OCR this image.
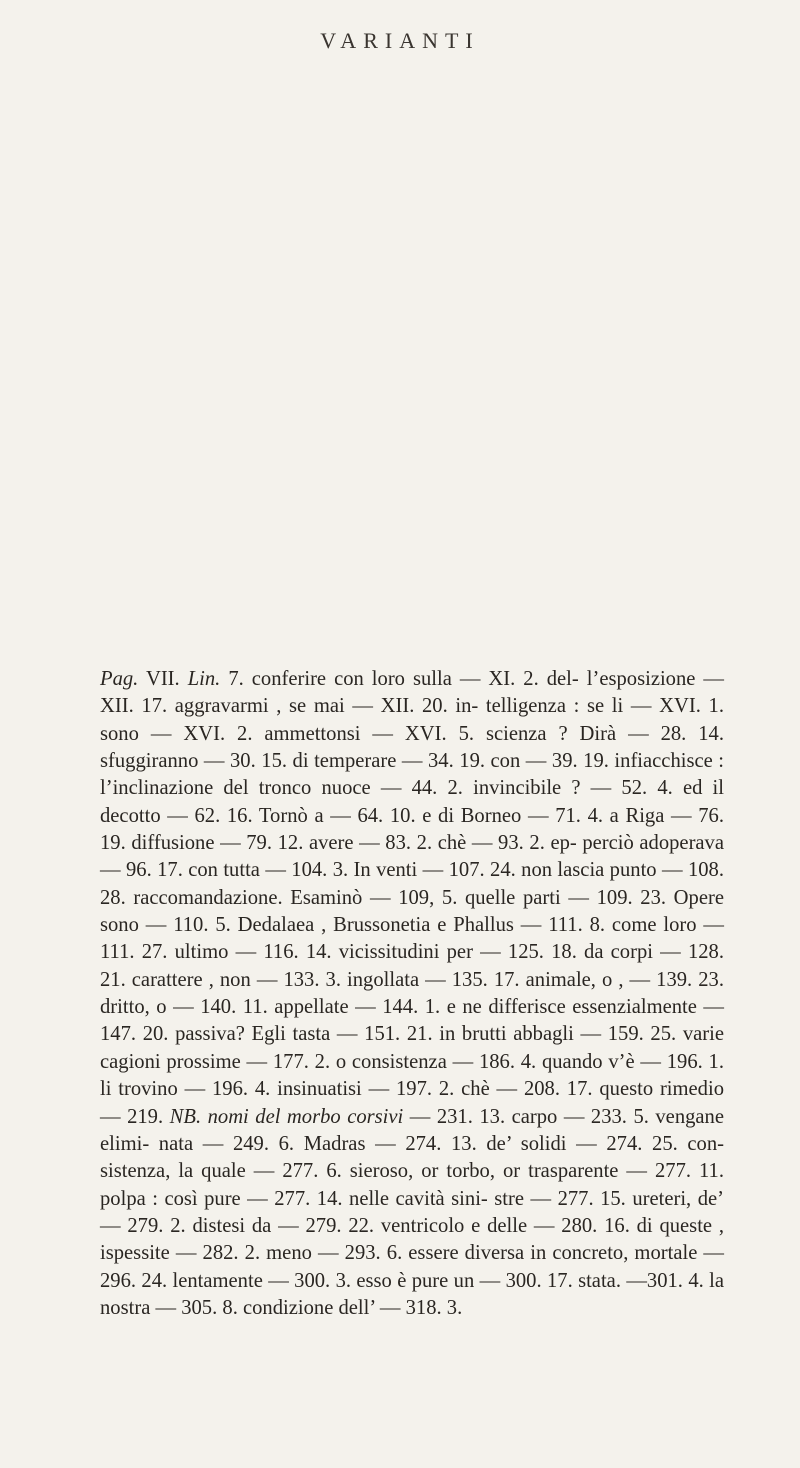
VARIANTI
Pag. VII. Lin. 7. conferire con loro sulla — XI. 2. del- l’esposizione — XII. 17. aggravarmi , se mai — XII. 20. in- telligenza : se li — XVI. 1. sono — XVI. 2. ammettonsi — XVI. 5. scienza ? Dirà — 28. 14. sfuggiranno — 30. 15. di temperare — 34. 19. con — 39. 19. infiacchisce : l’inclinazione del tronco nuoce — 44. 2. invincibile ? — 52. 4. ed il decotto — 62. 16. Tornò a — 64. 10. e di Borneo — 71. 4. a Riga — 76. 19. diffusione — 79. 12. avere — 83. 2. chè — 93. 2. ep- perciò adoperava — 96. 17. con tutta — 104. 3. In venti — 107. 24. non lascia punto — 108. 28. raccomandazione. Esaminò — 109, 5. quelle parti — 109. 23. Opere sono — 110. 5. Dedalaea , Brussonetia e Phallus — 111. 8. come loro — 111. 27. ultimo — 116. 14. vicissitudini per — 125. 18. da corpi — 128. 21. carattere , non — 133. 3. ingollata — 135. 17. animale, o , — 139. 23. dritto, o — 140. 11. appellate — 144. 1. e ne differisce essenzialmente — 147. 20. passiva? Egli tasta — 151. 21. in brutti abbagli — 159. 25. varie cagioni prossime — 177. 2. o consistenza — 186. 4. quando v’è — 196. 1. li trovino — 196. 4. insinuatisi — 197. 2. chè — 208. 17. questo rimedio — 219. NB. nomi del morbo corsivi — 231. 13. carpo — 233. 5. vengane elimi- nata — 249. 6. Madras — 274. 13. de’ solidi — 274. 25. con- sistenza, la quale — 277. 6. sieroso, or torbo, or trasparente — 277. 11. polpa : così pure — 277. 14. nelle cavità sini- stre — 277. 15. ureteri, de’ — 279. 2. distesi da — 279. 22. ventricolo e delle — 280. 16. di queste , ispessite — 282. 2. meno — 293. 6. essere diversa in concreto, mortale — 296. 24. lentamente — 300. 3. esso è pure un — 300. 17. stata. —301. 4. la nostra — 305. 8. condizione dell’ — 318. 3.
